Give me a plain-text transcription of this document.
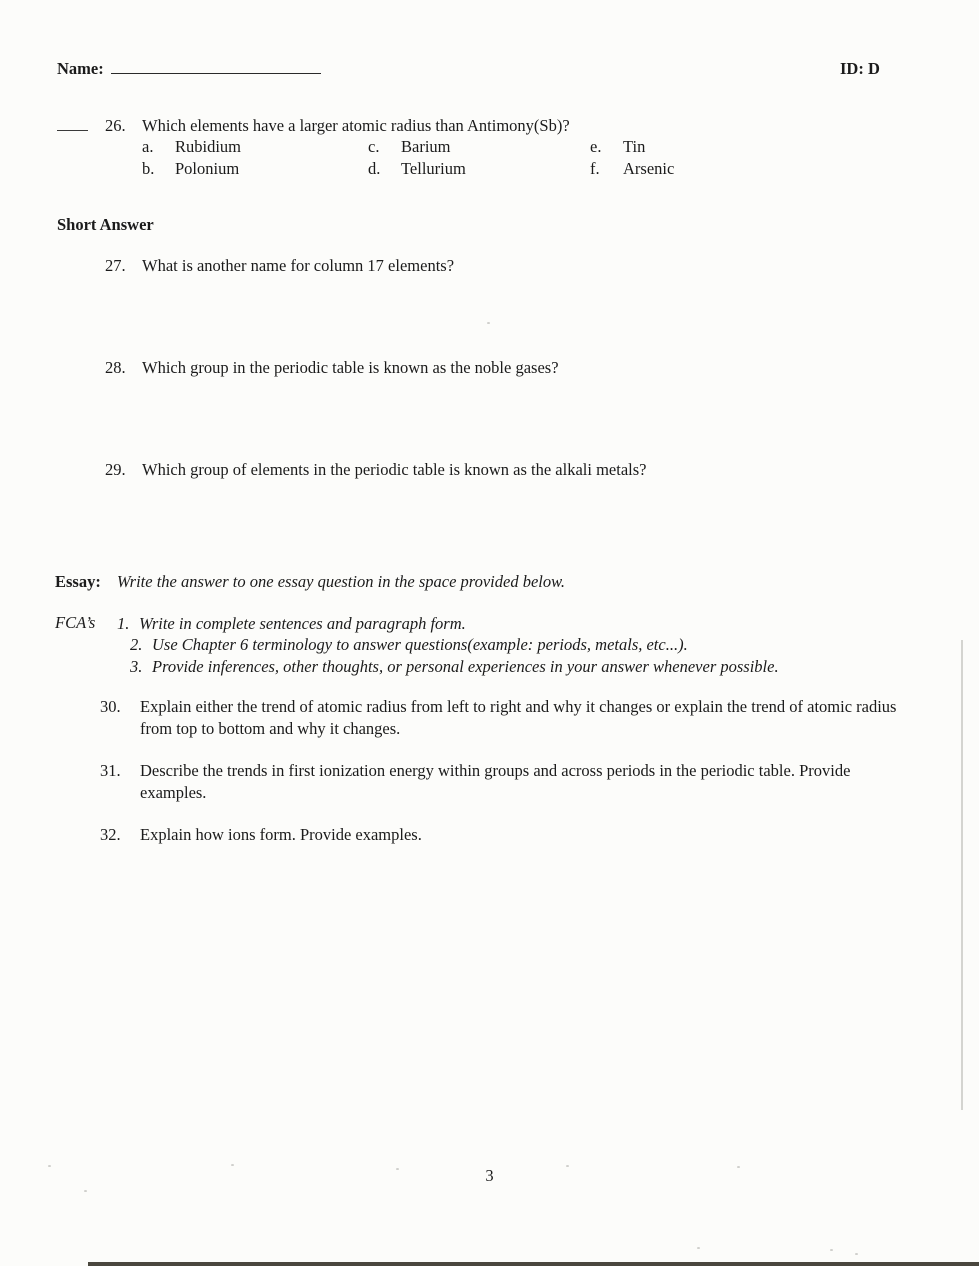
Name:	ID: D
26. Which elements have a larger atomic radius than Antimony(Sb)?
a.	Rubidium	c.	Barium	e.	Tin
b.	Polonium	d.	Tellurium	f.	Arsenic
Short Answer
27. What is another name for column 17 elements?
28. Which group in the periodic table is known as the noble gases?
29. Which group of elements in the periodic table is known as the alkali metals?
Essay: Write the answer to one essay question in the space provided below.
FCA’s	1. Write in complete sentences and paragraph form.
2. Use Chapter 6 terminology to answer questions(example: periods, metals, etc...).
3. Provide inferences, other thoughts, or personal experiences in your answer whenever possible.
30.	Explain either the trend of atomic radius from left to right and why it changes or explain the trend of atomic radius from top to bottom and why it changes.
31.	Describe the trends in first ionization energy within groups and across periods in the periodic table. Provide examples.
32.	Explain how ions form. Provide examples.
3
